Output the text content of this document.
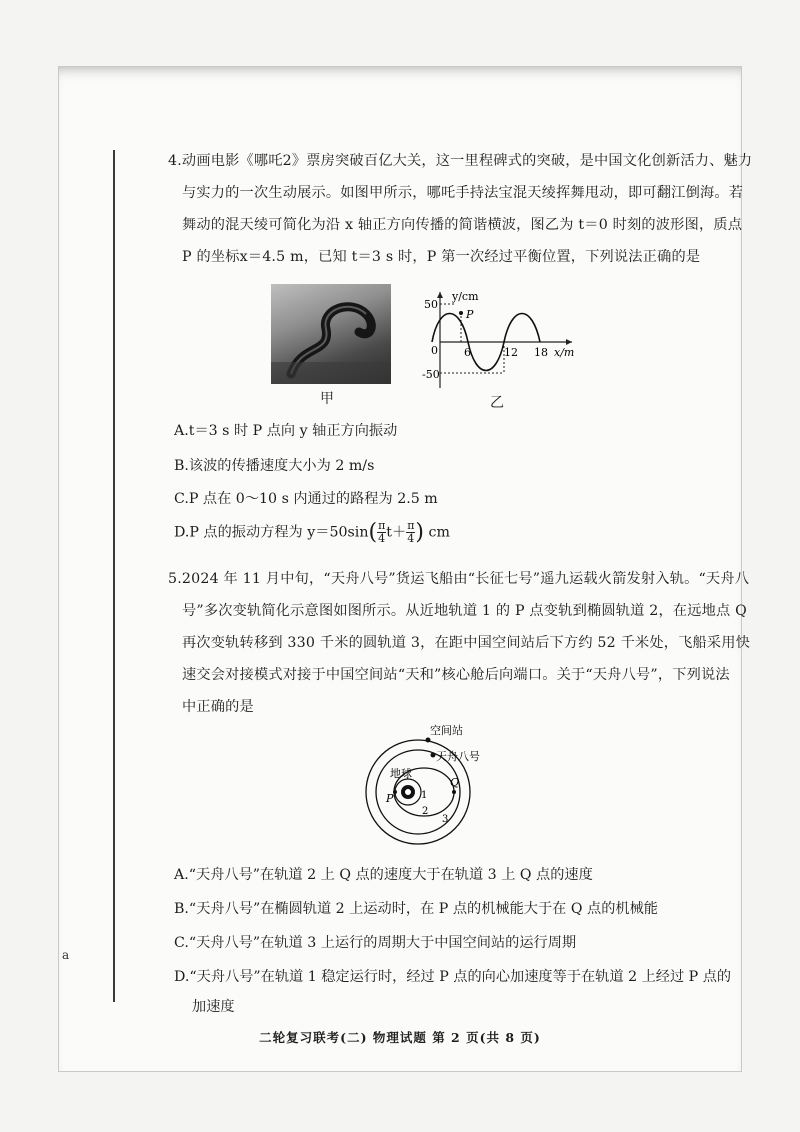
a
4.动画电影《哪吒2》票房突破百亿大关，这一里程碑式的突破，是中国文化创新活力、魅力
与实力的一次生动展示。如图甲所示，哪吒手持法宝混天绫挥舞甩动，即可翻江倒海。若
舞动的混天绫可简化为沿 x 轴正方向传播的简谐横波，图乙为 t＝0 时刻的波形图，质点
P 的坐标x＝4.5 m，已知 t＝3 s 时，P 第一次经过平衡位置，下列说法正确的是
甲
y/cm
50
-50
0 6	12 18 x/m
P
乙
A.t＝3 s 时 P 点向 y 轴正方向振动
B.该波的传播速度大小为 2 m/s
C.P 点在 0～10 s 内通过的路程为 2.5 m
D.P 点的振动方程为 $y=50\sin( \frac{\pi}{4} t+ \frac{\pi}{4}$ ) cm
5.2024 年 11 月中旬，“天舟八号”货运飞船由“长征七号”遥九运载火箭发射入轨。“天舟八
号”多次变轨简化示意图如图所示。从近地轨道 1 的 P 点变轨到椭圆轨道 2，在远地点 Q
再次变轨转移到 330 千米的圆轨道 3，在距中国空间站后下方约 52 千米处，飞船采用快
速交会对接模式对接于中国空间站“天和”核心舱后向端口。关于“天舟八号”，下列说法
中正确的是
空间站
天舟八号
地球
P
Q
1
2
3
A.“天舟八号”在轨道 2 上 Q 点的速度大于在轨道 3 上 Q 点的速度
B.“天舟八号”在椭圆轨道 2 上运动时，在 P 点的机械能大于在 Q 点的机械能
C.“天舟八号”在轨道 3 上运行的周期大于中国空间站的运行周期
D.“天舟八号”在轨道 1 稳定运行时，经过 P 点的向心加速度等于在轨道 2 上经过 P 点的
加速度
二轮复习联考(二) 物理试题 第 2 页(共 8 页)
